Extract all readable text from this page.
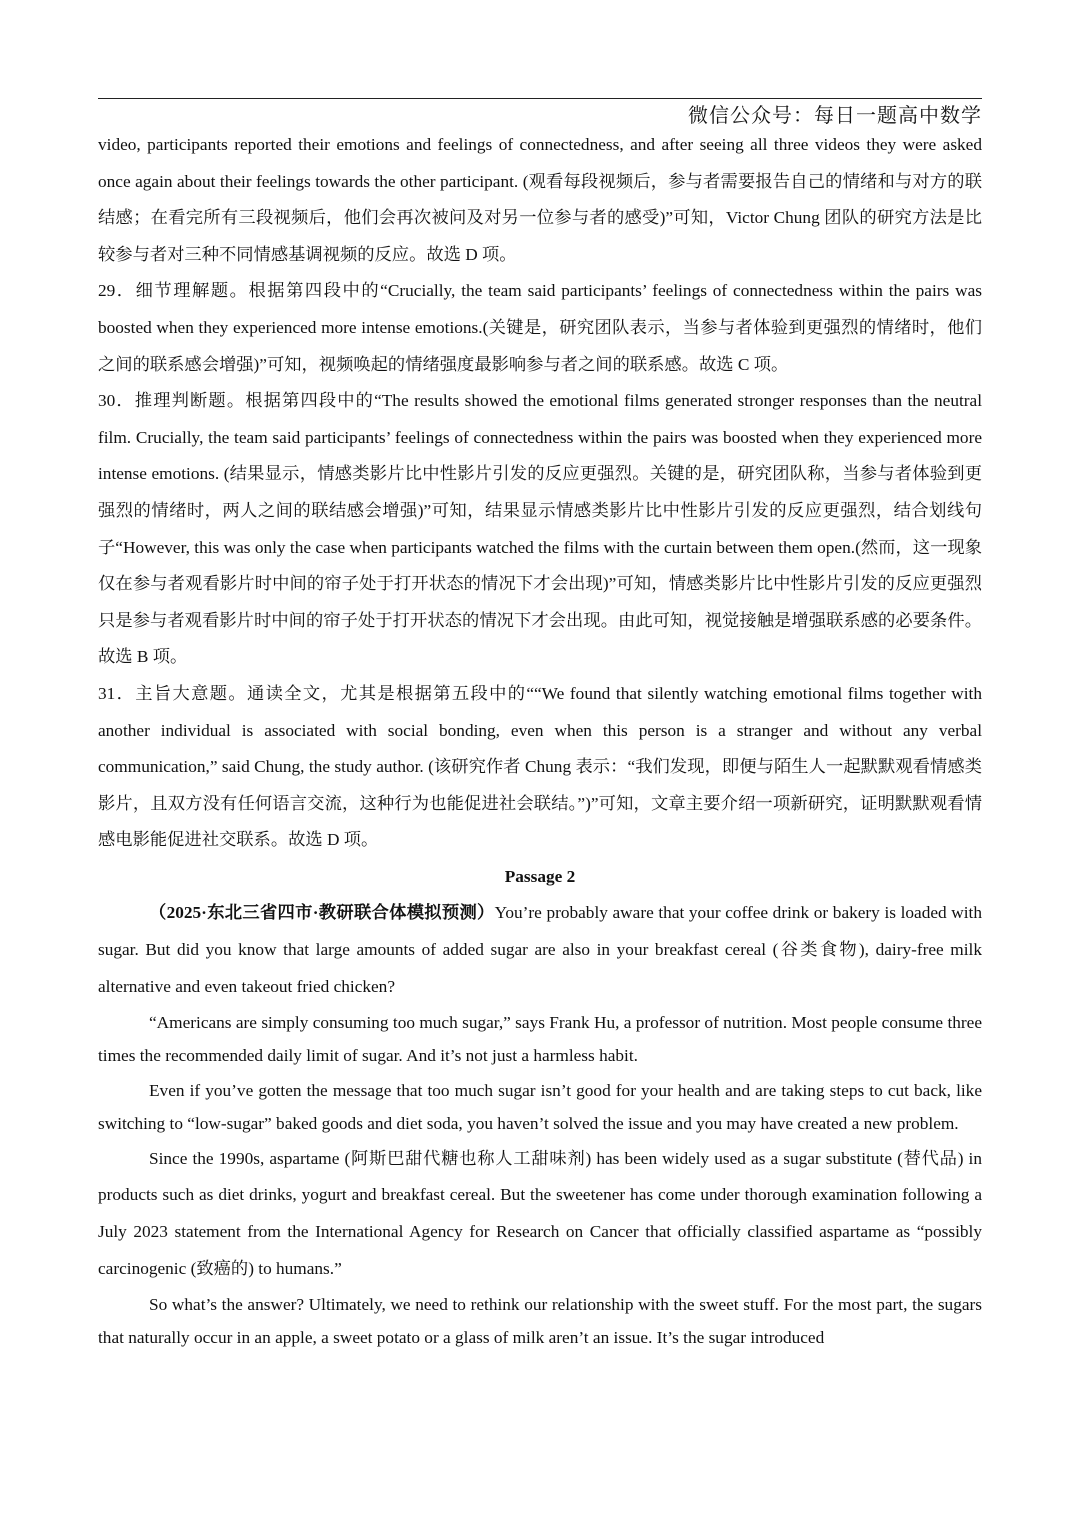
微信公众号：每日一题高中数学

video, participants reported their emotions and feelings of connectedness, and after seeing all three videos they were asked once again about their feelings towards the other participant. (观看每段视频后，参与者需要报告自己的情绪和与对方的联结感；在看完所有三段视频后，他们会再次被问及对另一位参与者的感受)”可知，Victor Chung 团队的研究方法是比较参与者对三种不同情感基调视频的反应。故选 D 项。

29．细节理解题。根据第四段中的“Crucially, the team said participants’ feelings of connectedness within the pairs was boosted when they experienced more intense emotions.(关键是，研究团队表示，当参与者体验到更强烈的情绪时，他们之间的联系感会增强)”可知，视频唤起的情绪强度最影响参与者之间的联系感。故选 C 项。

30．推理判断题。根据第四段中的“The results showed the emotional films generated stronger responses than the neutral film. Crucially, the team said participants’ feelings of connectedness within the pairs was boosted when they experienced more intense emotions. (结果显示，情感类影片比中性影片引发的反应更强烈。关键的是，研究团队称，当参与者体验到更强烈的情绪时，两人之间的联结感会增强)”可知，结果显示情感类影片比中性影片引发的反应更强烈，结合划线句子“However, this was only the case when participants watched the films with the curtain between them open.(然而，这一现象仅在参与者观看影片时中间的帘子处于打开状态的情况下才会出现)”可知，情感类影片比中性影片引发的反应更强烈只是参与者观看影片时中间的帘子处于打开状态的情况下才会出现。由此可知，视觉接触是增强联系感的必要条件。故选 B 项。

31．主旨大意题。通读全文，尤其是根据第五段中的““We found that silently watching emotional films together with another individual is associated with social bonding, even when this person is a stranger and without any verbal communication,” said Chung, the study author. (该研究作者 Chung 表示：“我们发现，即便与陌生人一起默默观看情感类影片，且双方没有任何语言交流，这种行为也能促进社会联结。”)”可知，文章主要介绍一项新研究，证明默默观看情感电影能促进社交联系。故选 D 项。

Passage 2

（2025·东北三省四市·教研联合体模拟预测）You’re probably aware that your coffee drink or bakery is loaded with sugar. But did you know that large amounts of added sugar are also in your breakfast cereal (谷类食物), dairy-free milk alternative and even takeout fried chicken?

“Americans are simply consuming too much sugar,” says Frank Hu, a professor of nutrition. Most people consume three times the recommended daily limit of sugar. And it’s not just a harmless habit.

Even if you’ve gotten the message that too much sugar isn’t good for your health and are taking steps to cut back, like switching to “low-sugar” baked goods and diet soda, you haven’t solved the issue and you may have created a new problem.

Since the 1990s, aspartame (阿斯巴甜代糖也称人工甜味剂) has been widely used as a sugar substitute (替代品) in products such as diet drinks, yogurt and breakfast cereal. But the sweetener has come under thorough examination following a July 2023 statement from the International Agency for Research on Cancer that officially classified aspartame as “possibly carcinogenic (致癌的) to humans.”

So what’s the answer? Ultimately, we need to rethink our relationship with the sweet stuff. For the most part, the sugars that naturally occur in an apple, a sweet potato or a glass of milk aren’t an issue. It’s the sugar introduced
